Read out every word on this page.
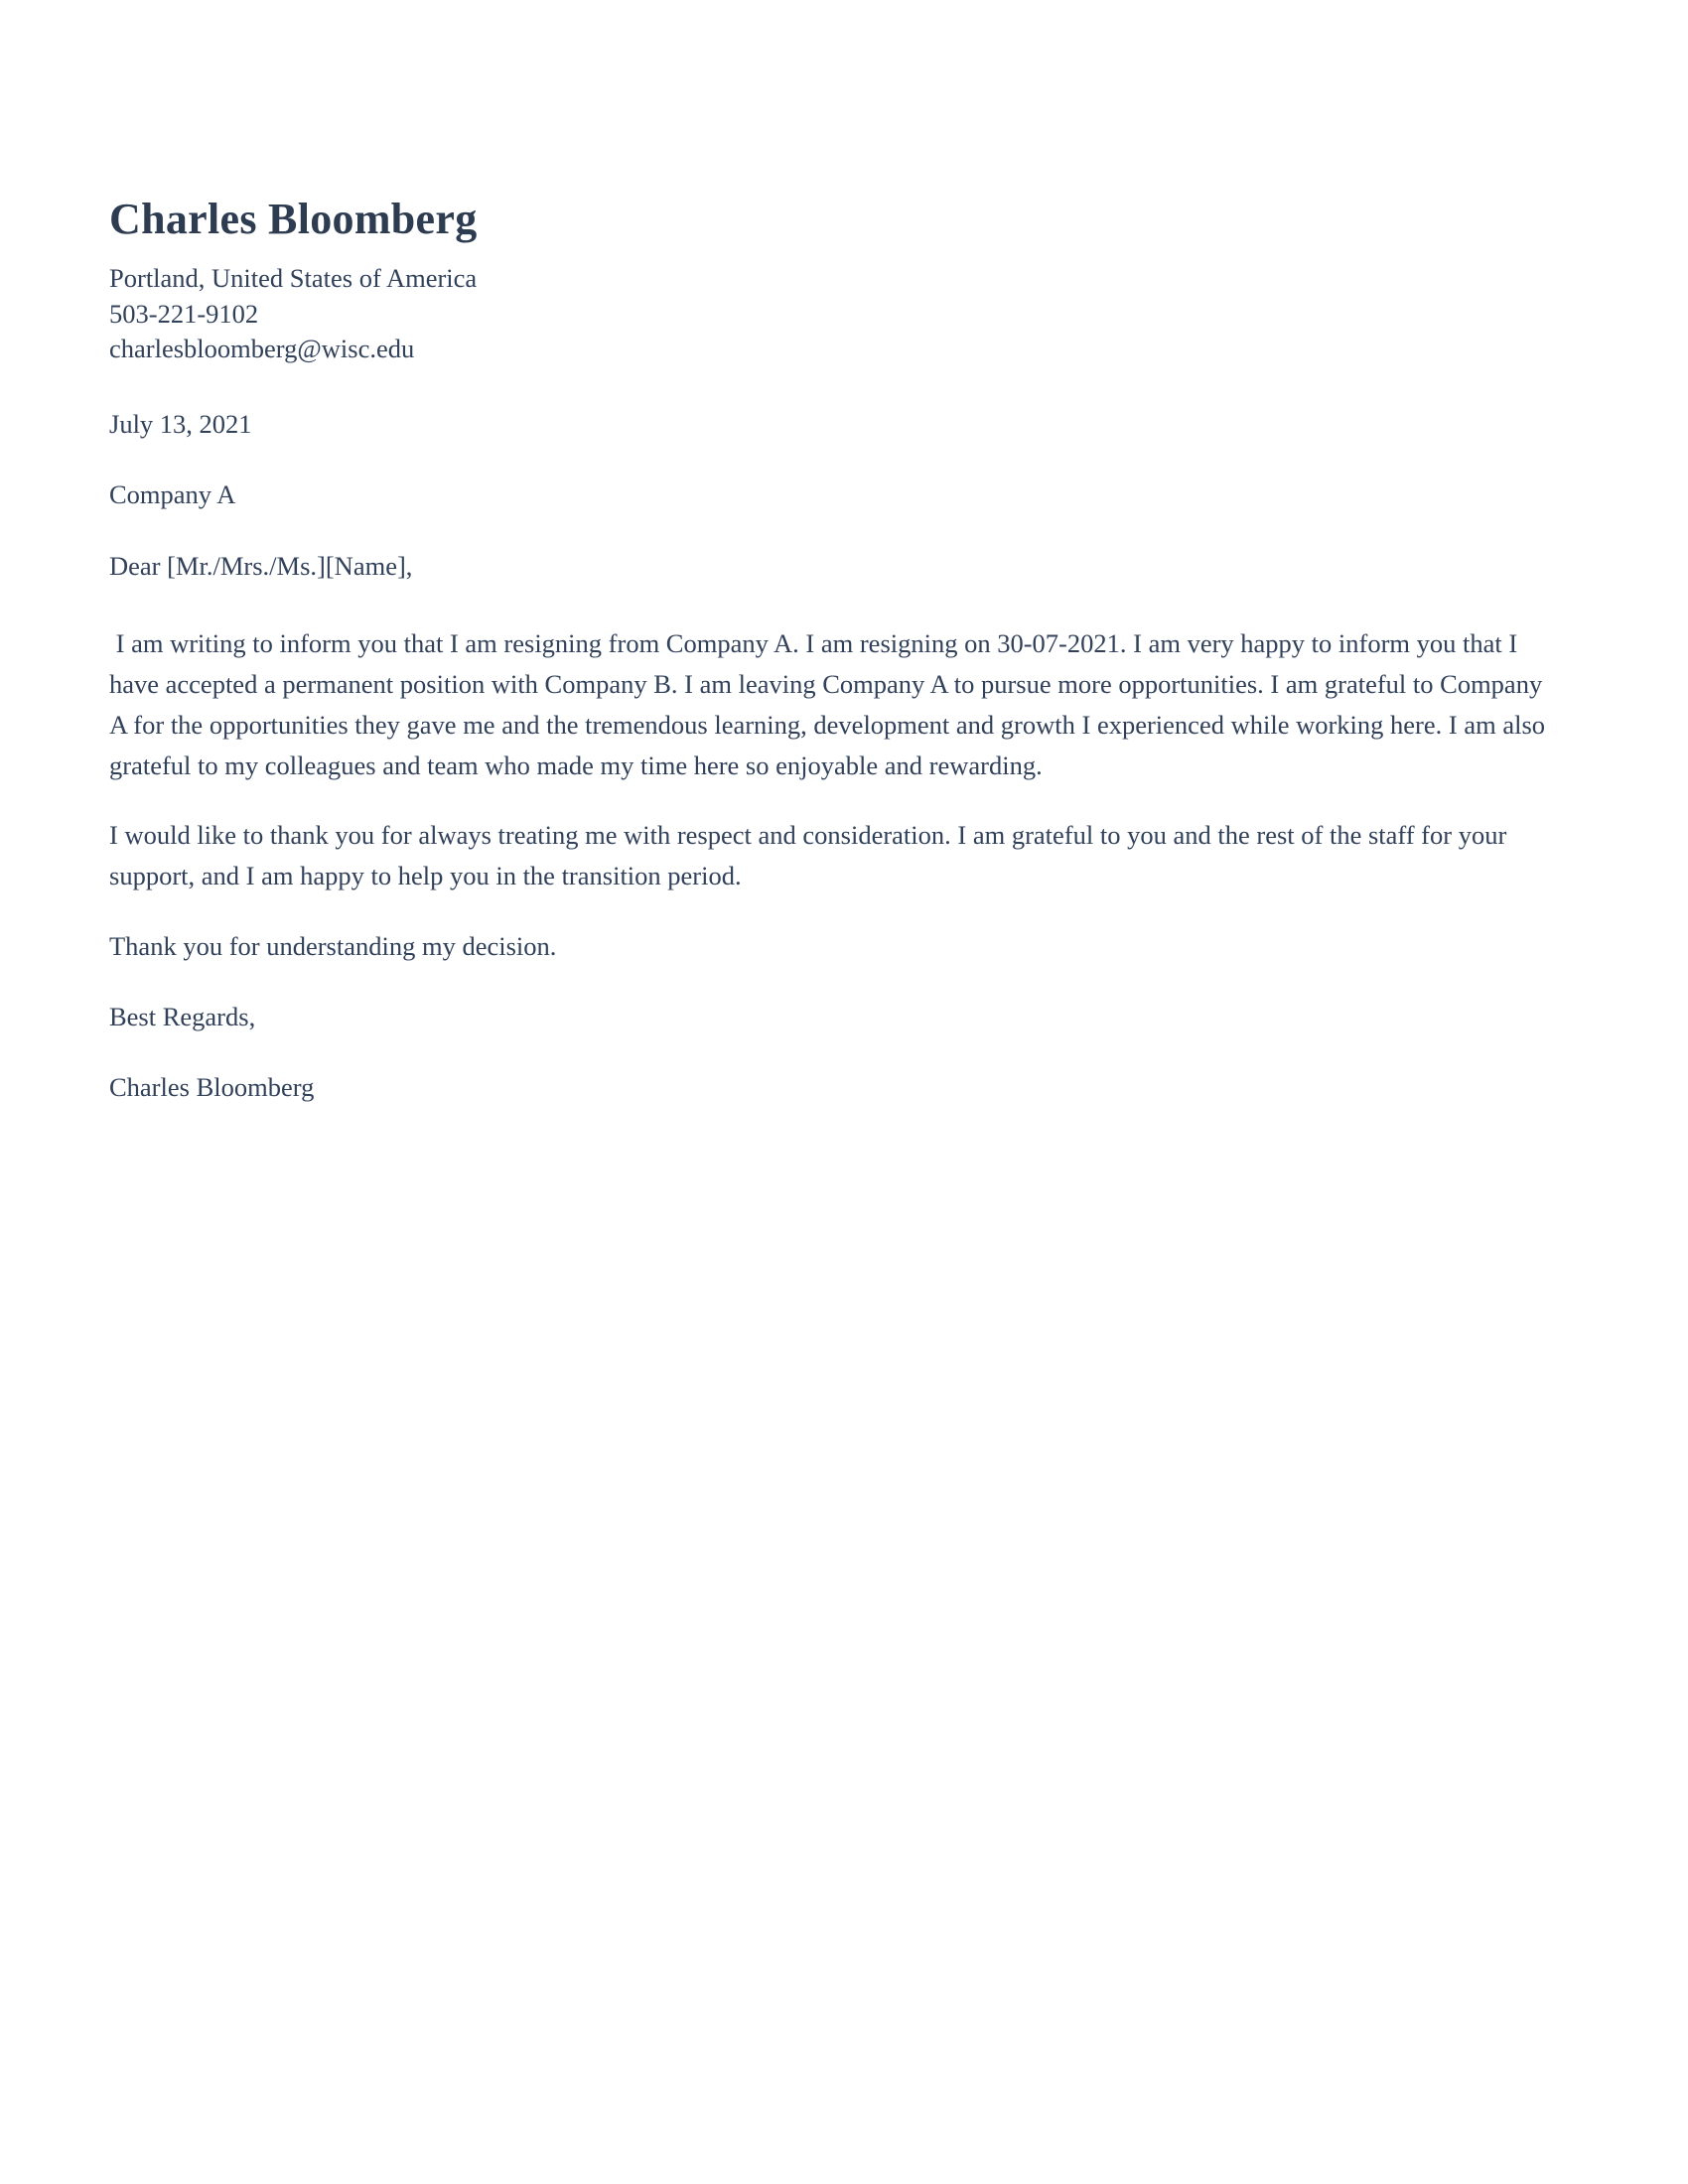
Charles Bloomberg

Portland, United States of America

503-221-9102

charlesbloomberg@wisc.edu

July 13, 2021

Company A

Dear [Mr./Mrs./Ms.][Name],

I am writing to inform you that I am resigning from Company A. I am resigning on 30-07-2021. I am very happy to inform you that I have accepted a permanent position with Company B. I am leaving Company A to pursue more opportunities. I am grateful to Company A for the opportunities they gave me and the tremendous learning, development and growth I experienced while working here. I am also grateful to my colleagues and team who made my time here so enjoyable and rewarding.

I would like to thank you for always treating me with respect and consideration. I am grateful to you and the rest of the staff for your support, and I am happy to help you in the transition period.

Thank you for understanding my decision.

Best Regards,

Charles Bloomberg
